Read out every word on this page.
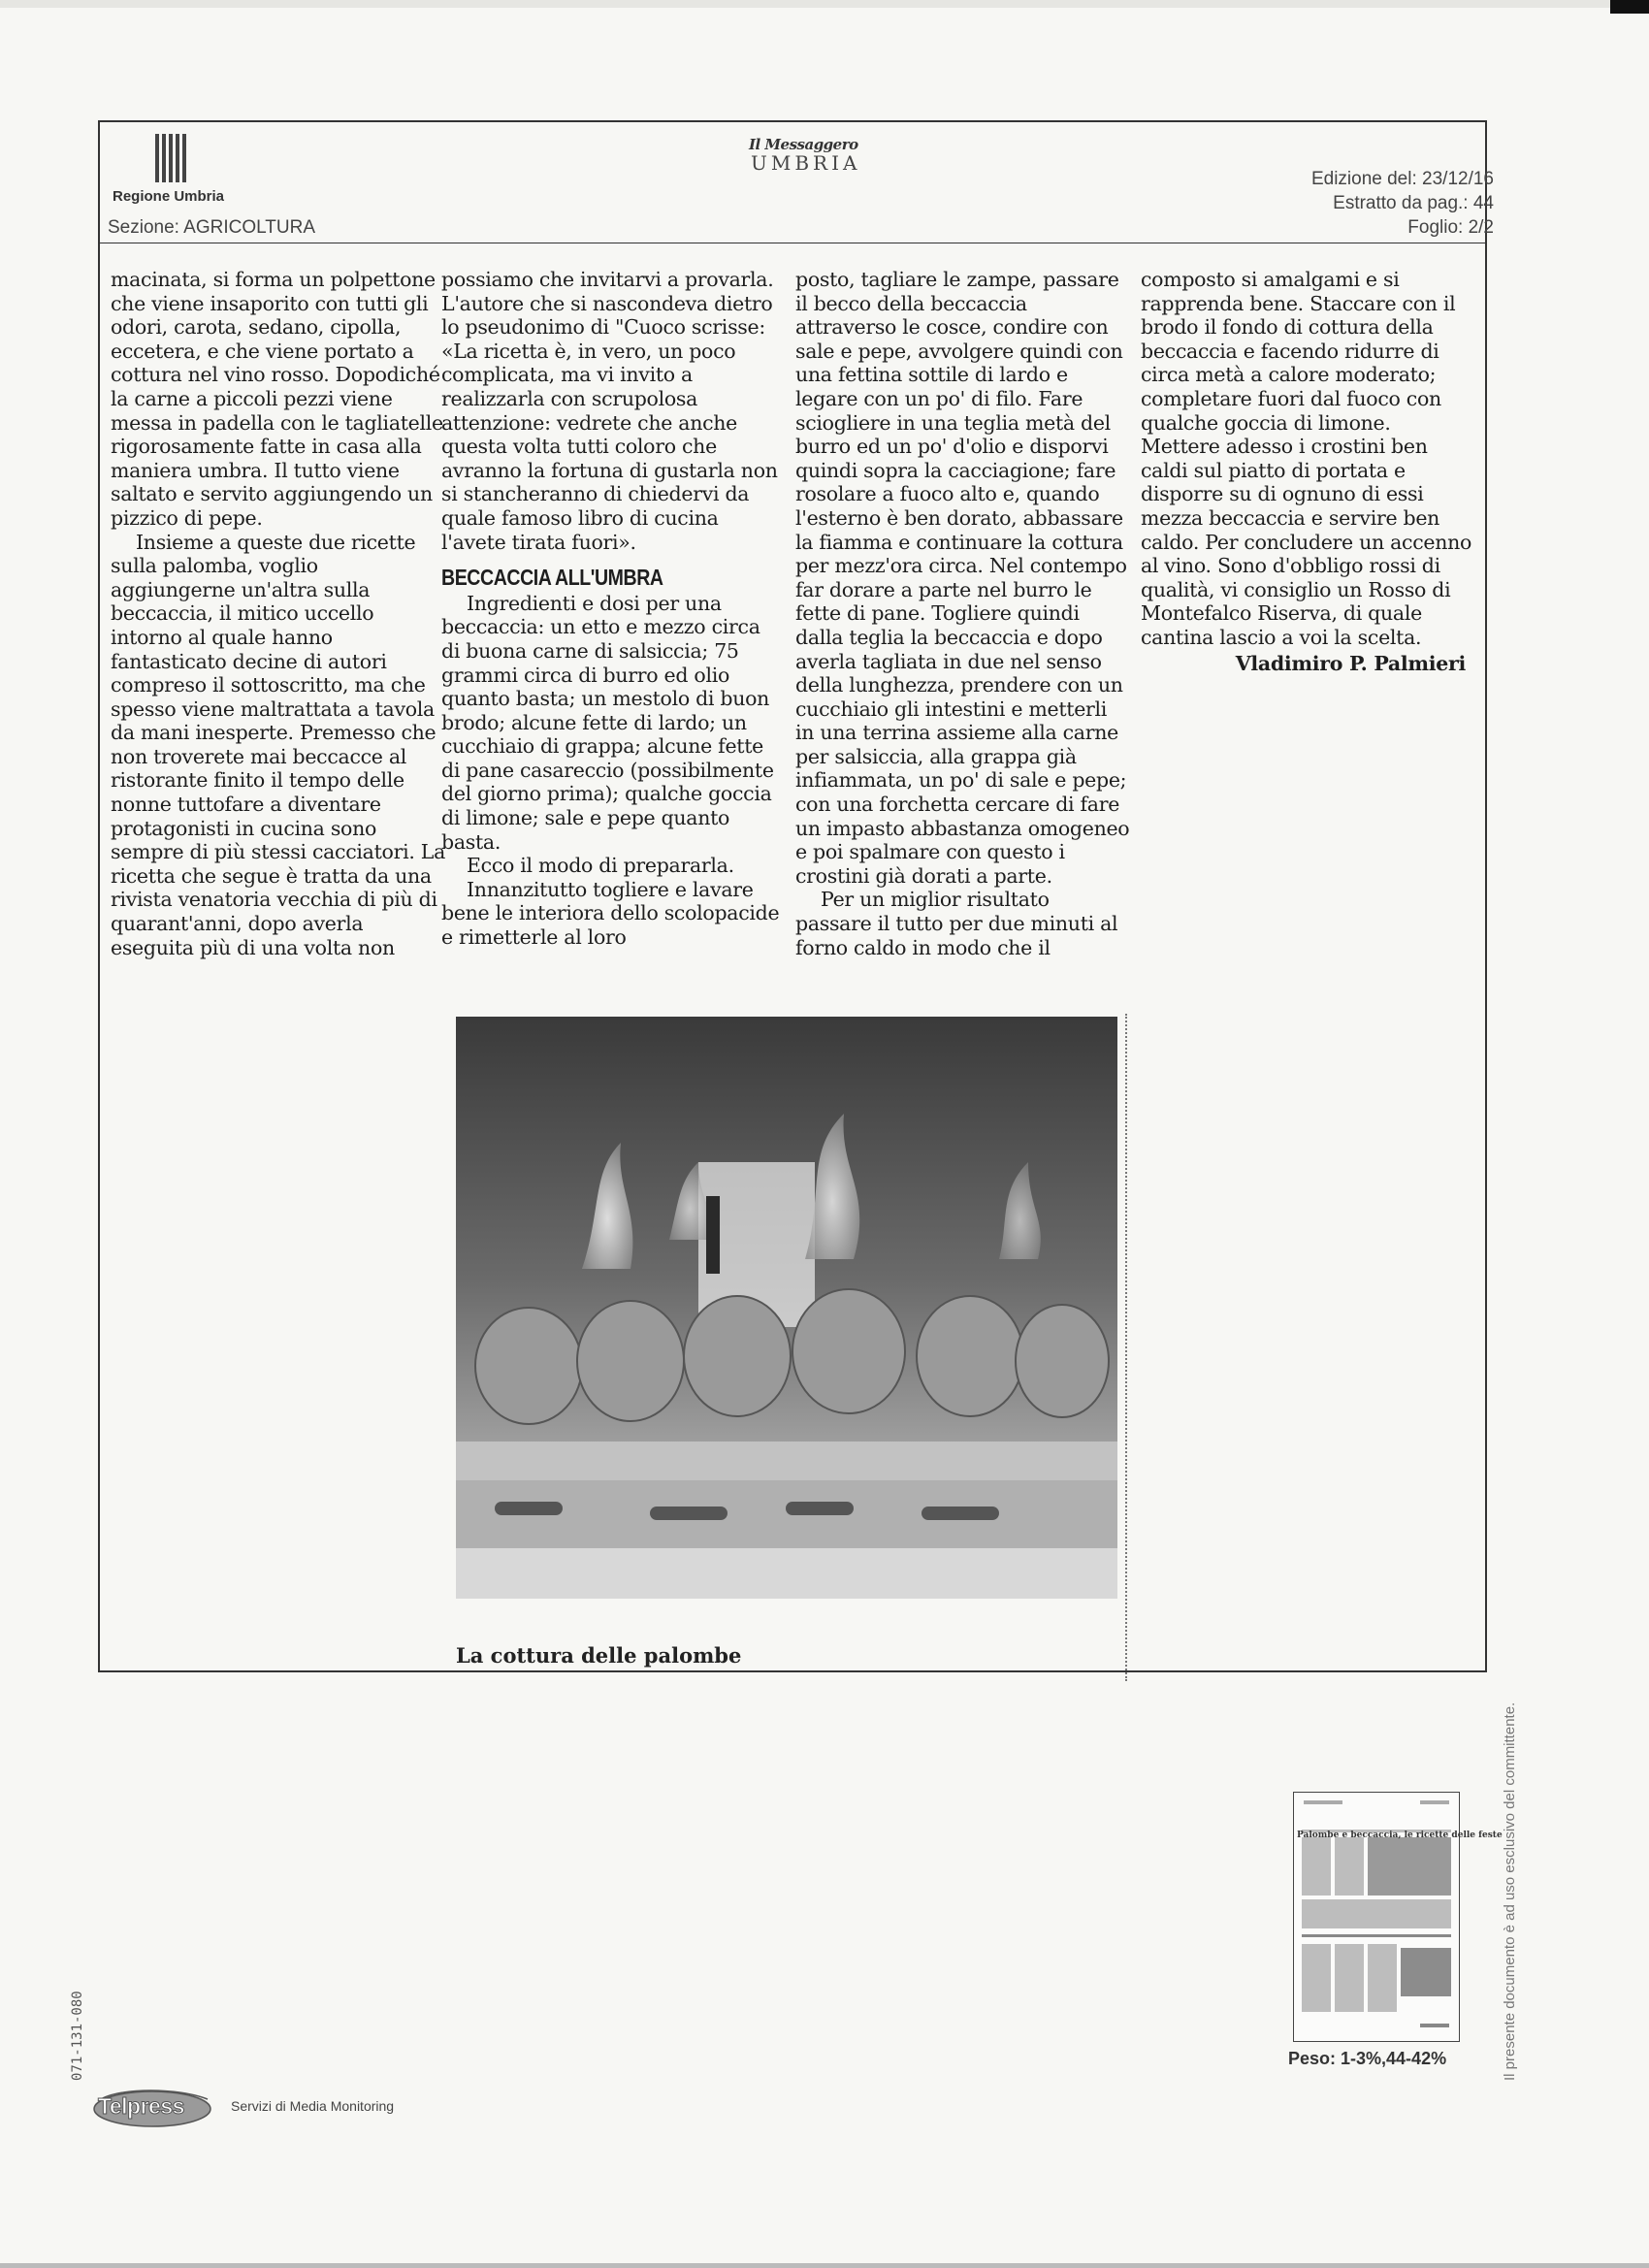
Regione Umbria
Sezione: AGRICOLTURA
Il Messaggero
UMBRIA
Edizione del: 23/12/16
Estratto da pag.: 44
Foglio: 2/2

macinata, si forma un polpettone che viene insaporito con tutti gli odori, carota, sedano, cipolla, eccetera, e che viene portato a cottura nel vino rosso. Dopodiché la carne a piccoli pezzi viene messa in padella con le tagliatelle rigorosamente fatte in casa alla maniera umbra. Il tutto viene saltato e servito aggiungendo un pizzico di pepe.

Insieme a queste due ricette sulla palomba, voglio aggiungerne un'altra sulla beccaccia, il mitico uccello intorno al quale hanno fantasticato decine di autori compreso il sottoscritto, ma che spesso viene maltrattata a tavola da mani inesperte. Premesso che non troverete mai beccacce al ristorante finito il tempo delle nonne tuttofare a diventare protagonisti in cucina sono sempre di più stessi cacciatori. La ricetta che segue è tratta da una rivista venatoria vecchia di più di quarant'anni, dopo averla eseguita più di una volta non

possiamo che invitarvi a provarla. L'autore che si nascondeva dietro lo pseudonimo di "Cuoco scrisse: «La ricetta è, in vero, un poco complicata, ma vi invito a realizzarla con scrupolosa attenzione: vedrete che anche questa volta tutti coloro che avranno la fortuna di gustarla non si stancheranno di chiedervi da quale famoso libro di cucina l'avete tirata fuori».

BECCACCIA ALL'UMBRA

Ingredienti e dosi per una beccaccia: un etto e mezzo circa di buona carne di salsiccia; 75 grammi circa di burro ed olio quanto basta; un mestolo di buon brodo; alcune fette di lardo; un cucchiaio di grappa; alcune fette di pane casareccio (possibilmente del giorno prima); qualche goccia di limone; sale e pepe quanto basta.

Ecco il modo di prepararla.

Innanzitutto togliere e lavare bene le interiora dello scolopacide e rimetterle al loro

posto, tagliare le zampe, passare il becco della beccaccia attraverso le cosce, condire con sale e pepe, avvolgere quindi con una fettina sottile di lardo e legare con un po' di filo. Fare sciogliere in una teglia metà del burro ed un po' d'olio e disporvi quindi sopra la cacciagione; fare rosolare a fuoco alto e, quando l'esterno è ben dorato, abbassare la fiamma e continuare la cottura per mezz'ora circa. Nel contempo far dorare a parte nel burro le fette di pane. Togliere quindi dalla teglia la beccaccia e dopo averla tagliata in due nel senso della lunghezza, prendere con un cucchiaio gli intestini e metterli in una terrina assieme alla carne per salsiccia, alla grappa già infiammata, un po' di sale e pepe; con una forchetta cercare di fare un impasto abbastanza omogeneo e poi spalmare con questo i crostini già dorati a parte.

Per un miglior risultato passare il tutto per due minuti al forno caldo in modo che il

composto si amalgami e si rapprenda bene. Staccare con il brodo il fondo di cottura della beccaccia e facendo ridurre di circa metà a calore moderato; completare fuori dal fuoco con qualche goccia di limone. Mettere adesso i crostini ben caldi sul piatto di portata e disporre su di ognuno di essi mezza beccaccia e servire ben caldo. Per concludere un accenno al vino. Sono d'obbligo rossi di qualità, vi consiglio un Rosso di Montefalco Riserva, di quale cantina lascio a voi la scelta.

Vladimiro P. Palmieri

La cottura delle palombe
Palombe e beccaccia, le ricette delle feste
Peso: 1-3%,44-42%	Il presente documento è ad uso esclusivo del committente.
071-131-080
Telpress	Servizi di Media Monitoring
